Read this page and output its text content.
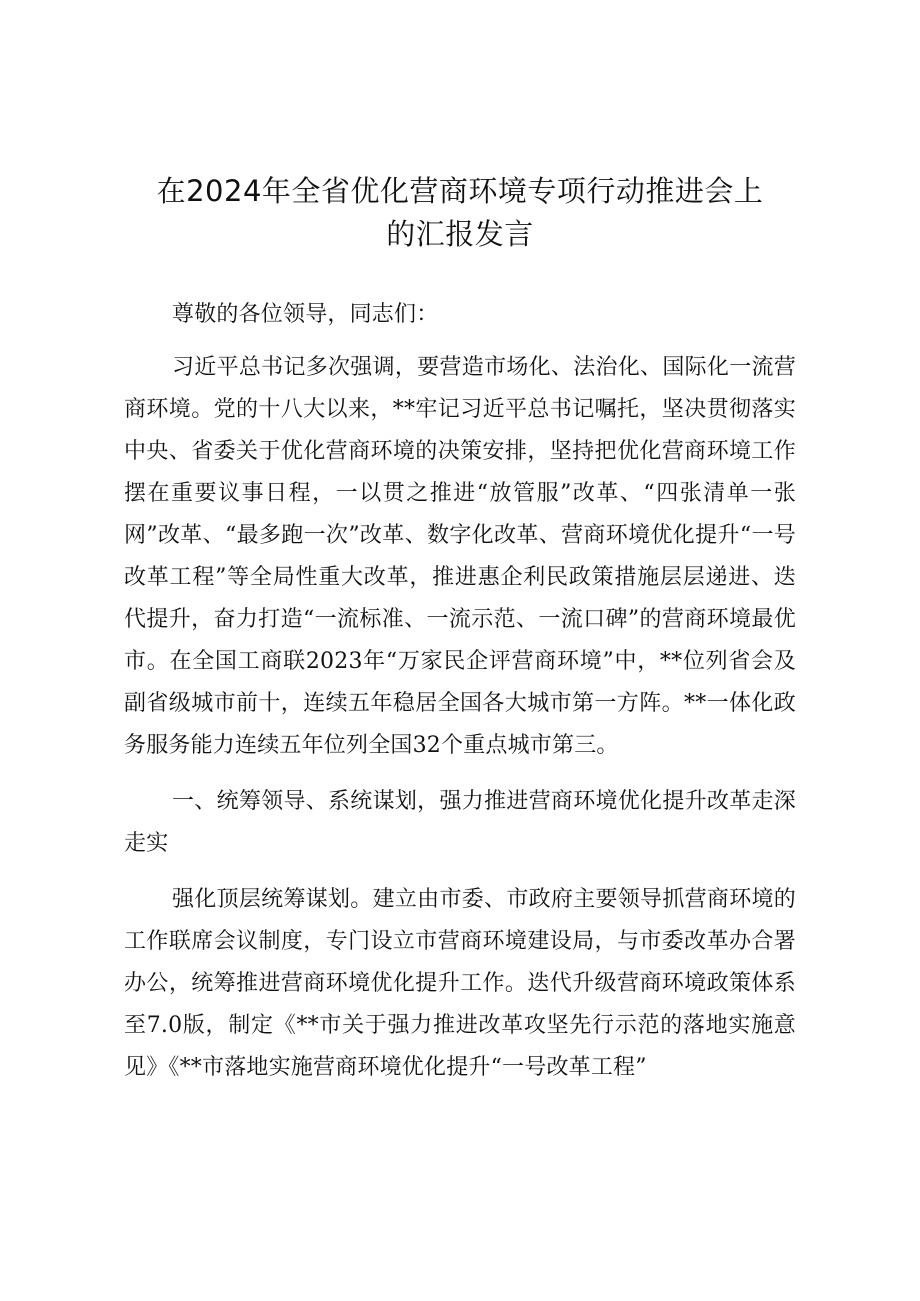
在2024年全省优化营商环境专项行动推进会上
的汇报发言

尊敬的各位领导，同志们：

习近平总书记多次强调，要营造市场化、法治化、国际化一流营商环境。党的十八大以来，**牢记习近平总书记嘱托，坚决贯彻落实中央、省委关于优化营商环境的决策安排，坚持把优化营商环境工作摆在重要议事日程，一以贯之推进“放管服”改革、“四张清单一张网”改革、“最多跑一次”改革、数字化改革、营商环境优化提升“一号改革工程”等全局性重大改革，推进惠企利民政策措施层层递进、迭代提升，奋力打造“一流标准、一流示范、一流口碑”的营商环境最优市。在全国工商联2023年“万家民企评营商环境”中，**位列省会及副省级城市前十，连续五年稳居全国各大城市第一方阵。**一体化政务服务能力连续五年位列全国32个重点城市第三。

一、统筹领导、系统谋划，强力推进营商环境优化提升改革走深走实

强化顶层统筹谋划。建立由市委、市政府主要领导抓营商环境的工作联席会议制度，专门设立市营商环境建设局，与市委改革办合署办公，统筹推进营商环境优化提升工作。迭代升级营商环境政策体系至7.0版，制定《**市关于强力推进改革攻坚先行示范的落地实施意见》《**市落地实施营商环境优化提升“一号改革工程”
